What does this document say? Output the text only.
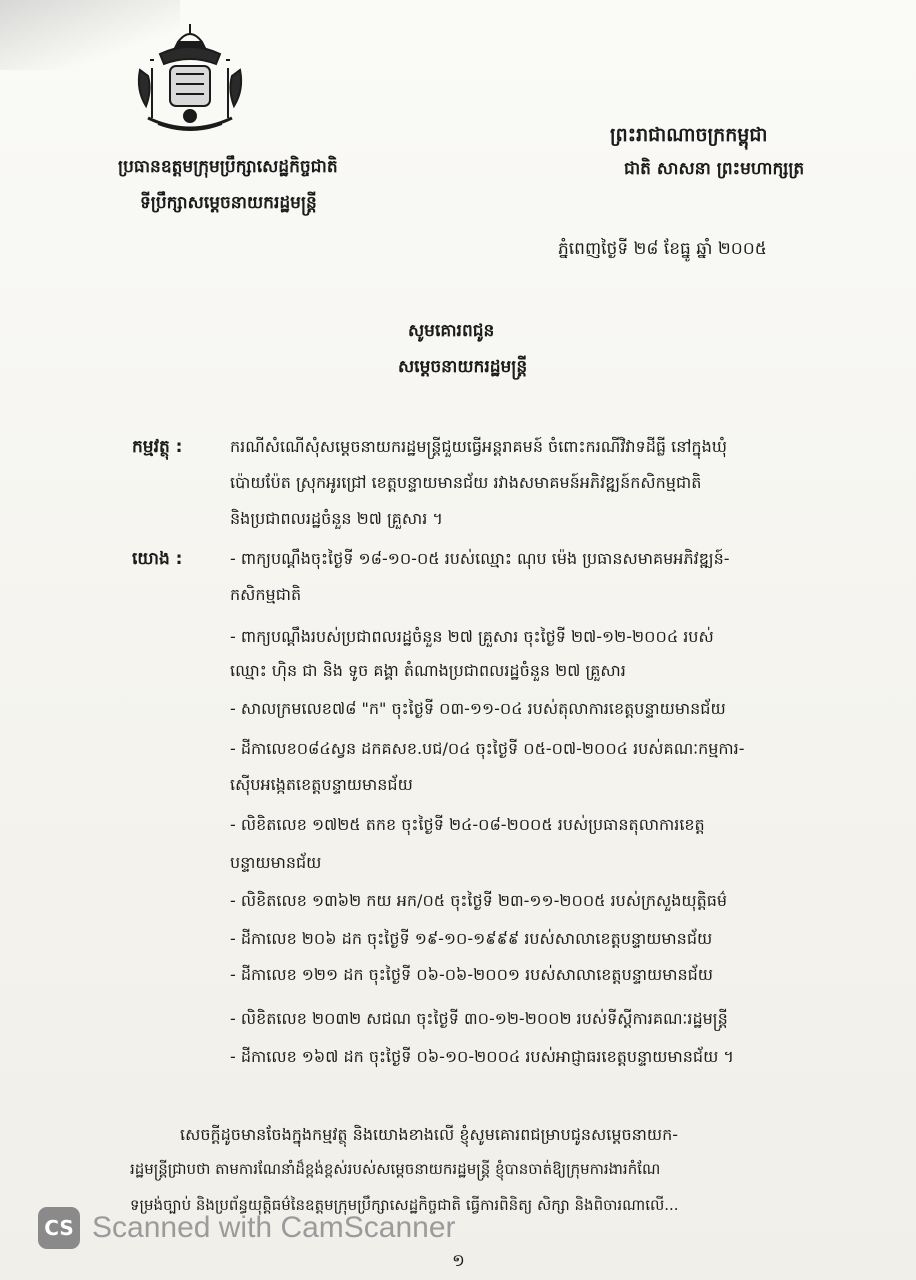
ព្រះរាជាណាចក្រកម្ពុជា
ជាតិ សាសនា ព្រះមហាក្សត្រ
ប្រធានឧត្តមក្រុមប្រឹក្សាសេដ្ឋកិច្ចជាតិ
ទីប្រឹក្សាសម្ដេចនាយករដ្ឋមន្ត្រី
ភ្នំពេញថ្ងៃទី ២៨ ខែធ្នូ ឆ្នាំ ២០០៥
សូមគោរពជូន
សម្ដេចនាយករដ្ឋមន្ត្រី
កម្មវត្ថុ :	ករណីសំណើសុំសម្ដេចនាយករដ្ឋមន្ត្រីជួយធ្វើអន្តរាគមន៍ ចំពោះករណីវិវាទដីធ្លី នៅក្នុងឃុំ
ប៉ោយប៉ែត ស្រុកអូរជ្រៅ ខេត្តបន្ទាយមានជ័យ រវាងសមាគមន៍អភិវឌ្ឍន៍កសិកម្មជាតិ
និងប្រជាពលរដ្ឋចំនួន ២៧ គ្រួសារ ។
យោង :	- ពាក្យបណ្ដឹងចុះថ្ងៃទី ១៨-១០-០៥ របស់ឈ្មោះ ណុប ម៉េង ប្រធានសមាគមអភិវឌ្ឍន៍-
កសិកម្មជាតិ
- ពាក្យបណ្ដឹងរបស់ប្រជាពលរដ្ឋចំនួន ២៧ គ្រួសារ ចុះថ្ងៃទី ២៧-១២-២០០៤ របស់
ឈ្មោះ ហ៊ិន ជា និង ទូច គង្គា តំណាងប្រជាពលរដ្ឋចំនួន ២៧ គ្រួសារ
- សាលក្រមលេខ៧៨ "ក" ចុះថ្ងៃទី ០៣-១១-០៤ របស់តុលាការខេត្តបន្ទាយមានជ័យ
- ដីកាលេខ០៨៤ស្វន ដកគសខ.បជ/០៤ ចុះថ្ងៃទី ០៥-០៧-២០០៤ របស់គណៈកម្មការ-
ស៊ើបអង្កេតខេត្តបន្ទាយមានជ័យ
- លិខិតលេខ ១៧២៥ តកខ ចុះថ្ងៃទី ២៤-០៨-២០០៥ របស់ប្រធានតុលាការខេត្ត
បន្ទាយមានជ័យ
- លិខិតលេខ ១៣៦២ កយ អក/០៥ ចុះថ្ងៃទី ២៣-១១-២០០៥ របស់ក្រសួងយុត្តិធម៌
- ដីកាលេខ ២០៦ ដក ចុះថ្ងៃទី ១៩-១០-១៩៩៩ របស់សាលាខេត្តបន្ទាយមានជ័យ
- ដីកាលេខ ១២១ ដក ចុះថ្ងៃទី ០៦-០៦-២០០១ របស់សាលាខេត្តបន្ទាយមានជ័យ
- លិខិតលេខ ២០៣២ សជណ ចុះថ្ងៃទី ៣០-១២-២០០២ របស់ទីស្ដីការគណៈរដ្ឋមន្ត្រី
- ដីកាលេខ ១៦៧ ដក ចុះថ្ងៃទី ០៦-១០-២០០៤ របស់អាជ្ញាធរខេត្តបន្ទាយមានជ័យ ។
សេចក្ដីដូចមានចែងក្នុងកម្មវត្ថុ និងយោងខាងលើ ខ្ញុំសូមគោរពជម្រាបជូនសម្ដេចនាយក-
រដ្ឋមន្ត្រីជ្រាបថា តាមការណែនាំដ៏ខ្ពង់ខ្ពស់របស់សម្ដេចនាយករដ្ឋមន្ត្រី ខ្ញុំបានចាត់ឱ្យក្រុមការងារកំណែ
ទម្រង់ច្បាប់ និងប្រព័ន្ធយុត្តិធម៌នៃឧត្តមក្រុមប្រឹក្សាសេដ្ឋកិច្ចជាតិ ធ្វើការពិនិត្យ សិក្សា និងពិចារណាលើ...
CS Scanned with CamScanner
១
